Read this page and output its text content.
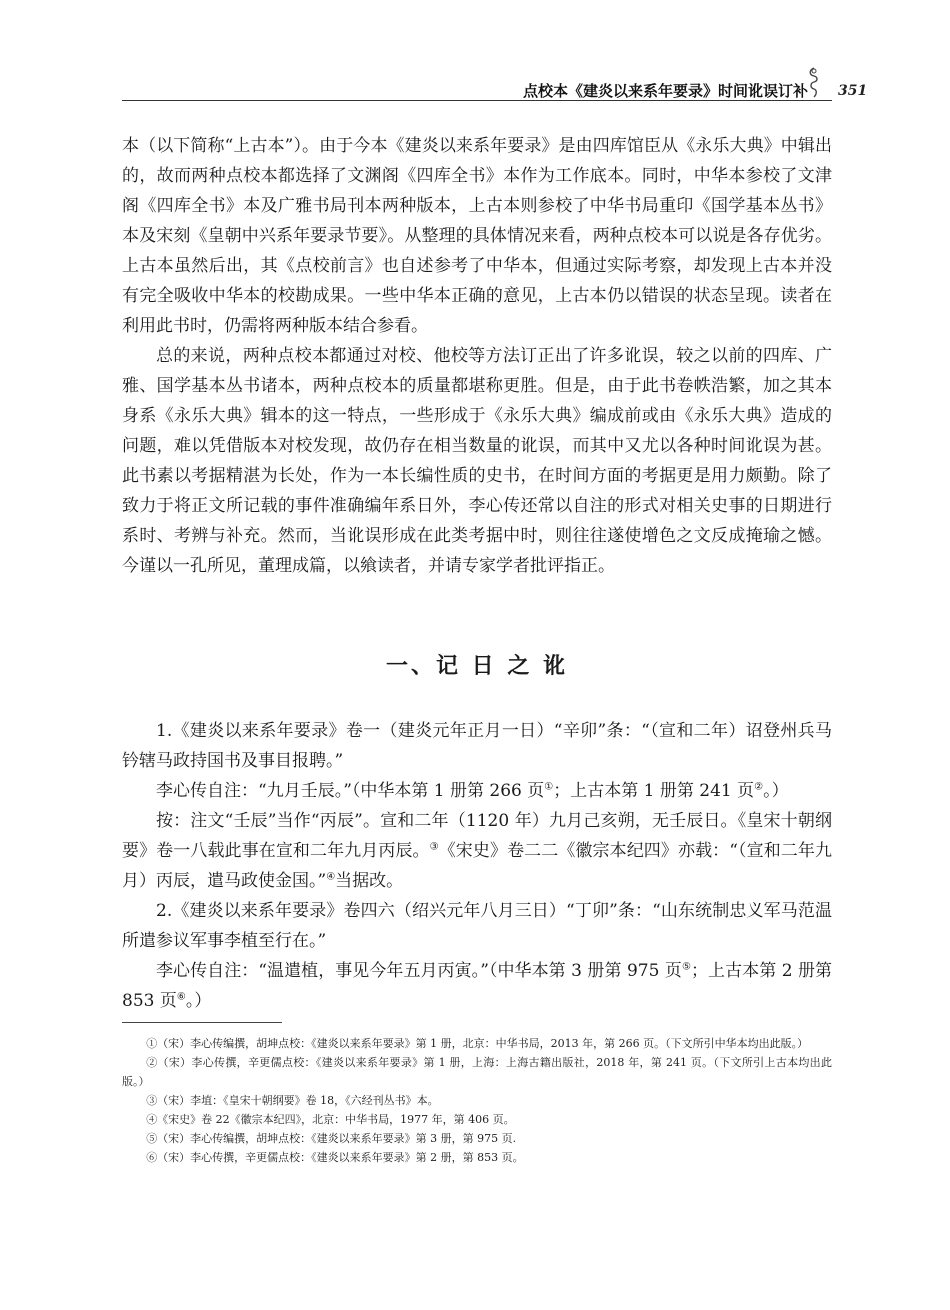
点校本《建炎以来系年要录》时间讹误订补 351

本（以下简称“上古本”）。由于今本《建炎以来系年要录》是由四库馆臣从《永乐大典》中辑出的，故而两种点校本都选择了文渊阁《四库全书》本作为工作底本。同时，中华本参校了文津阁《四库全书》本及广雅书局刊本两种版本，上古本则参校了中华书局重印《国学基本丛书》本及宋刻《皇朝中兴系年要录节要》。从整理的具体情况来看，两种点校本可以说是各存优劣。上古本虽然后出，其《点校前言》也自述参考了中华本，但通过实际考察，却发现上古本并没有完全吸收中华本的校勘成果。一些中华本正确的意见，上古本仍以错误的状态呈现。读者在利用此书时，仍需将两种版本结合参看。

总的来说，两种点校本都通过对校、他校等方法订正出了许多讹误，较之以前的四库、广雅、国学基本丛书诸本，两种点校本的质量都堪称更胜。但是，由于此书卷帙浩繁，加之其本身系《永乐大典》辑本的这一特点，一些形成于《永乐大典》编成前或由《永乐大典》造成的问题，难以凭借版本对校发现，故仍存在相当数量的讹误，而其中又尤以各种时间讹误为甚。此书素以考据精湛为长处，作为一本长编性质的史书，在时间方面的考据更是用力颇勤。除了致力于将正文所记载的事件准确编年系日外，李心传还常以自注的形式对相关史事的日期进行系时、考辨与补充。然而，当讹误形成在此类考据中时，则往往遂使增色之文反成掩瑜之憾。今谨以一孔所见，董理成篇，以飨读者，并请专家学者批评指正。

一、记 日 之 讹

1.《建炎以来系年要录》卷一（建炎元年正月一日）“辛卯”条：“（宣和二年）诏登州兵马钤辖马政持国书及事目报聘。”

李心传自注：“九月壬辰。”（中华本第 1 册第 266 页①；上古本第 1 册第 241 页②。）

按：注文“壬辰”当作“丙辰”。宣和二年（1120 年）九月己亥朔，无壬辰日。《皇宋十朝纲要》卷一八载此事在宣和二年九月丙辰。③《宋史》卷二二《徽宗本纪四》亦载：“（宣和二年九月）丙辰，遣马政使金国。”④当据改。

2.《建炎以来系年要录》卷四六（绍兴元年八月三日）“丁卯”条：“山东统制忠义军马范温所遣参议军事李植至行在。”

李心传自注：“温遣植，事见今年五月丙寅。”（中华本第 3 册第 975 页⑤；上古本第 2 册第 853 页⑥。）

①（宋）李心传编撰，胡坤点校：《建炎以来系年要录》第 1 册，北京：中华书局，2013 年，第 266 页。（下文所引中华本均出此版。）

②（宋）李心传撰，辛更儒点校：《建炎以来系年要录》第 1 册，上海：上海古籍出版社，2018 年，第 241 页。（下文所引上古本均出此版。）

③（宋）李埴：《皇宋十朝纲要》卷 18，《六经刊丛书》本。

④《宋史》卷 22《徽宗本纪四》，北京：中华书局，1977 年，第 406 页。

⑤（宋）李心传编撰，胡坤点校：《建炎以来系年要录》第 3 册，第 975 页.

⑥（宋）李心传撰，辛更儒点校：《建炎以来系年要录》第 2 册，第 853 页。
